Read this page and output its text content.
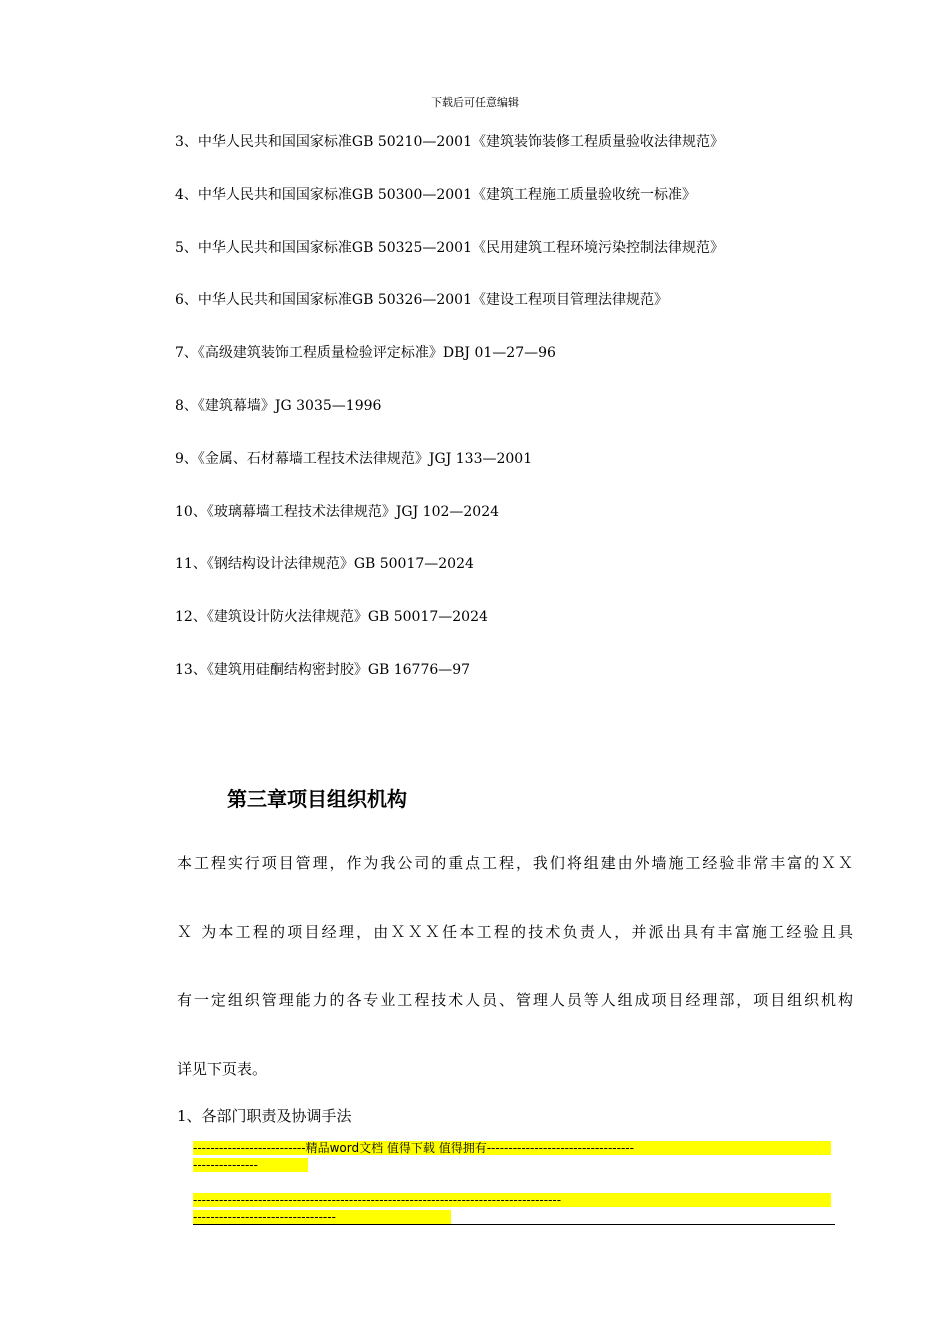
下载后可任意编辑
3、中华人民共和国国家标准GB 50210—2001《建筑装饰装修工程质量验收法律规范》
4、中华人民共和国国家标准GB 50300—2001《建筑工程施工质量验收统一标准》
5、中华人民共和国国家标准GB 50325—2001《民用建筑工程环境污染控制法律规范》
6、中华人民共和国国家标准GB 50326—2001《建设工程项目管理法律规范》
7、《高级建筑装饰工程质量检验评定标准》DBJ 01—27—96
8、《建筑幕墙》JG 3035—1996
9、《金属、石材幕墙工程技术法律规范》JGJ 133—2001
10、《玻璃幕墙工程技术法律规范》JGJ 102—2024
11、《钢结构设计法律规范》GB 50017—2024
12、《建筑设计防火法律规范》GB 50017—2024
13、《建筑用硅酮结构密封胶》GB 16776—97
第三章项目组织机构
本工程实行项目管理，作为我公司的重点工程，我们将组建由外墙施工经验非常丰富的ＸＸ
Ｘ 为本工程的项目经理，由ＸＸＸ任本工程的技术负责人，并派出具有丰富施工经验且具
有一定组织管理能力的各专业工程技术人员、管理人员等人组成项目经理部，项目组织机构
详见下页表。
1、各部门职责及协调手法
--------------------------精品word文档 值得下载 值得拥有----------------------------------
---------------
-------------------------------------------------------------------------------------
---------------------------------
